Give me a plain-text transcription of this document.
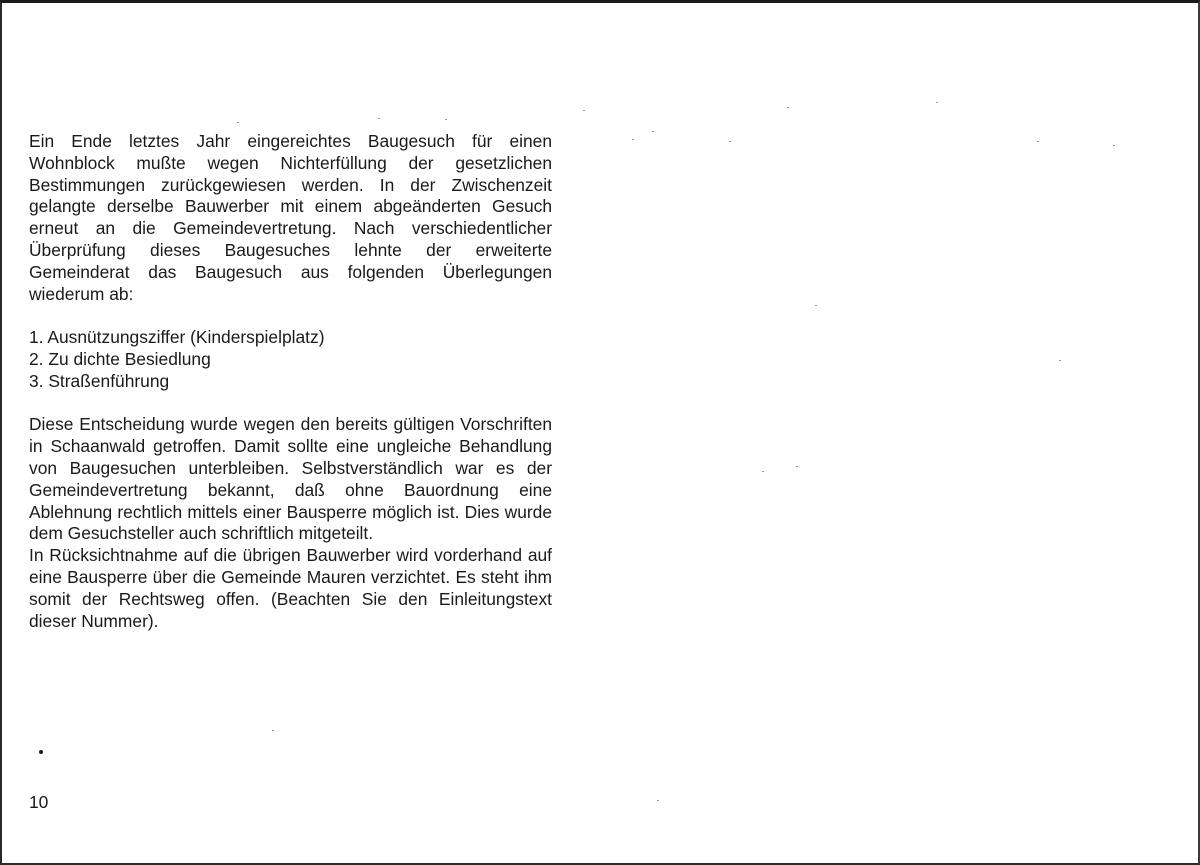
Ein Ende letztes Jahr eingereichtes Baugesuch für einen Wohnblock mußte wegen Nichterfüllung der gesetzlichen Bestimmungen zurückgewiesen werden. In der Zwischenzeit gelangte derselbe Bauwerber mit einem abgeänderten Gesuch erneut an die Gemeindevertretung. Nach verschiedentlicher Überprüfung dieses Baugesuches lehnte der erweiterte Gemeinderat das Baugesuch aus folgenden Überlegungen wiederum ab:

1. Ausnützungsziffer (Kinderspielplatz)
2. Zu dichte Besiedlung
3. Straßenführung

Diese Entscheidung wurde wegen den bereits gültigen Vorschriften in Schaanwald getroffen. Damit sollte eine ungleiche Behandlung von Baugesuchen unterbleiben. Selbstverständlich war es der Gemeindevertretung bekannt, daß ohne Bauordnung eine Ablehnung rechtlich mittels einer Bausperre möglich ist. Dies wurde dem Gesuchsteller auch schriftlich mitgeteilt.

In Rücksichtnahme auf die übrigen Bauwerber wird vorderhand auf eine Bausperre über die Gemeinde Mauren verzichtet. Es steht ihm somit der Rechtsweg offen. (Beachten Sie den Einleitungstext dieser Nummer).

10
